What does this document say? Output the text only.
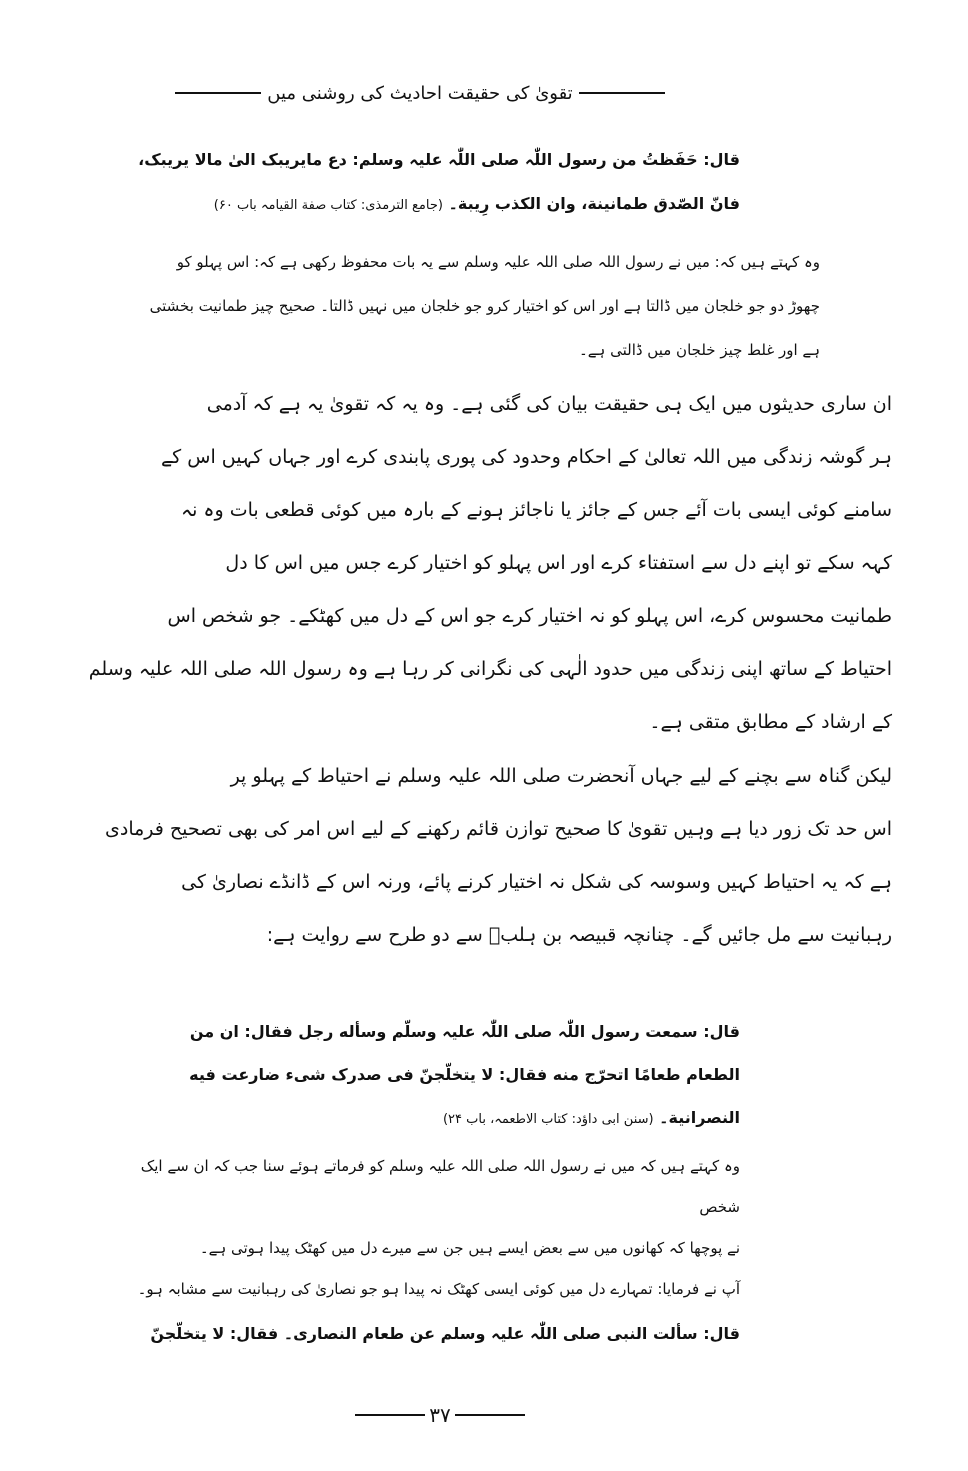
تقویٰ کی حقیقت احادیث کی روشنی میں
قال: حَفَظتُ من رسول اللّٰہ صلی اللّٰہ علیہ وسلم: دع مایریبک الیٰ مالا یریبک،
فانّ الصّدق طمانینة، وان الکذب رِیبة۔ (جامع الترمذی: کتاب صفة القیامہ باب ۶۰)
وہ کہتے ہیں کہ: میں نے رسول اللہ صلی اللہ علیہ وسلم سے یہ بات محفوظ رکھی ہے کہ: اس پہلو کو
چھوڑ دو جو خلجان میں ڈالتا ہے اور اس کو اختیار کرو جو خلجان میں نہیں ڈالتا۔ صحیح چیز طمانیت بخشتی
ہے اور غلط چیز خلجان میں ڈالتی ہے۔
ان ساری حدیثوں میں ایک ہی حقیقت بیان کی گئی ہے۔ وہ یہ کہ تقویٰ یہ ہے کہ آدمی
ہر گوشہ زندگی میں اللہ تعالیٰ کے احکام وحدود کی پوری پابندی کرے اور جہاں کہیں اس کے
سامنے کوئی ایسی بات آئے جس کے جائز یا ناجائز ہونے کے بارہ میں کوئی قطعی بات وہ نہ
کہہ سکے تو اپنے دل سے استفتاء کرے اور اس پہلو کو اختیار کرے جس میں اس کا دل
طمانیت محسوس کرے، اس پہلو کو نہ اختیار کرے جو اس کے دل میں کھٹکے۔ جو شخص اس
احتیاط کے ساتھ اپنی زندگی میں حدود الٰہی کی نگرانی کر رہا ہے وہ رسول اللہ صلی اللہ علیہ وسلم
کے ارشاد کے مطابق متقی ہے۔
لیکن گناہ سے بچنے کے لیے جہاں آنحضرت صلی اللہ علیہ وسلم نے احتیاط کے پہلو پر
اس حد تک زور دیا ہے وہیں تقویٰ کا صحیح توازن قائم رکھنے کے لیے اس امر کی بھی تصحیح فرمادی
ہے کہ یہ احتیاط کہیں وسوسہ کی شکل نہ اختیار کرنے پائے، ورنہ اس کے ڈانڈے نصاریٰ کی
رہبانیت سے مل جائیں گے۔ چنانچہ قبیصہ بن ہلبؓ سے دو طرح سے روایت ہے:
قال: سمعت رسول اللّٰہ صلی اللّٰہ علیہ وسلّم وسأله رجل فقال: ان من
الطعام طعامًا اتحرّج منه فقال: لا یتخلّجنّ فی صدرک شیء ضارعت فیه
النصرانیة۔ (سنن ابی داؤد: کتاب الاطعمہ، باب ۲۴)
وہ کہتے ہیں کہ میں نے رسول اللہ صلی اللہ علیہ وسلم کو فرماتے ہوئے سنا جب کہ ان سے ایک شخص
نے پوچھا کہ کھانوں میں سے بعض ایسے ہیں جن سے میرے دل میں کھٹک پیدا ہوتی ہے۔
آپ نے فرمایا: تمہارے دل میں کوئی ایسی کھٹک نہ پیدا ہو جو نصاریٰ کی رہبانیت سے مشابہ ہو۔
قال: سألت النبی صلی اللّٰہ علیہ وسلم عن طعام النصاری۔ فقال: لا یتخلّجنّ
۳۷
